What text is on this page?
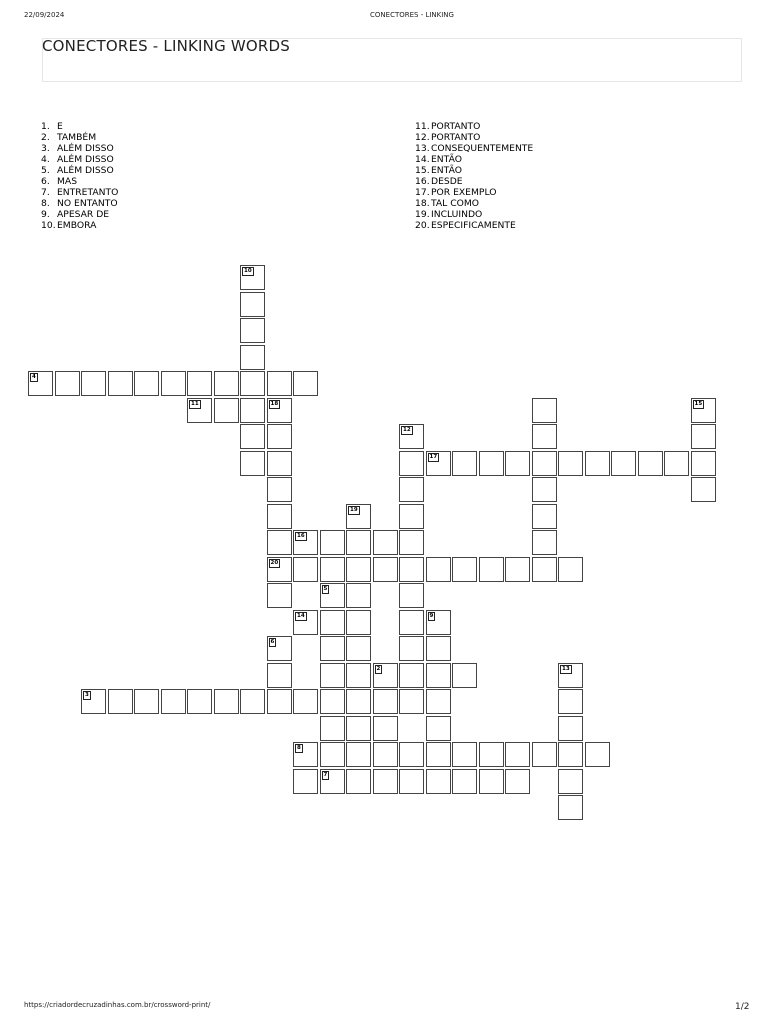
22/09/2024	CONECTORES - LINKING
CONECTORES - LINKING WORDS
1. E
2. TAMBÉM
3. ALÉM DISSO
4. ALÉM DISSO
5. ALÉM DISSO
6. MAS
7. ENTRETANTO
8. NO ENTANTO
9. APESAR DE
10. EMBORA
11. PORTANTO
12. PORTANTO
13. CONSEQUENTEMENTE
14. ENTÃO
15. ENTÃO
16. DESDE
17. POR EXEMPLO
18. TAL COMO
19. INCLUINDO
20. ESPECIFICAMENTE
10
4
11	18
20
12
17
15
19
16
5
14	9
6
2	13
3
8
7
https://criadordecruzadinhas.com.br/crossword-print/	1/2
